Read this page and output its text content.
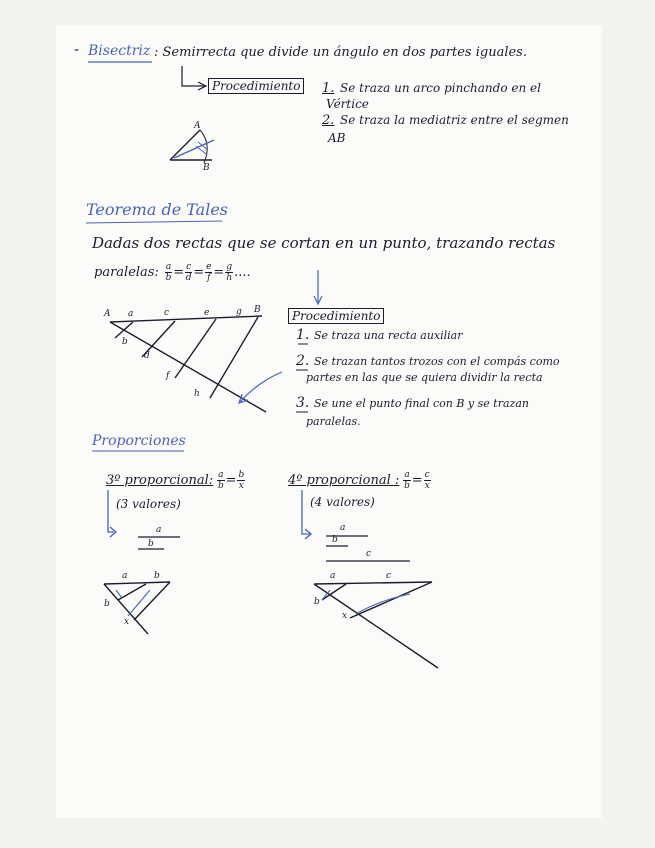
- Bisectriz : Semirrecta que divide un ángulo en dos partes iguales.
Procedimiento	1. Se traza un arco pinchando en el
Vértice
2. Se traza la mediatriz entre el segmen
AB
A
B
Teorema de Tales
Dadas dos rectas que se cortan en un punto, trazando rectas
paralelas: $\frac{a}{b} = \frac{c}{d} = \frac{e}{f} = \frac{g}{h}$ ....
A a	c	e	g B
b
d
f
h
Procedimiento
1. Se traza una recta auxiliar
2. Se trazan tantos trozos con el compás como
partes en las que se quiera dividir la recta
3. Se une el punto final con B y se trazan
paralelas.
Proporciones
3º proporcional: $\frac{a}{b} = \frac{b}{x}$
(3 valores)
a
b
a	b
b
x
4º proporcional : $\frac{a}{b} = \frac{c}{x}$
(4 valores)
a
b
c
a	c
b
x
